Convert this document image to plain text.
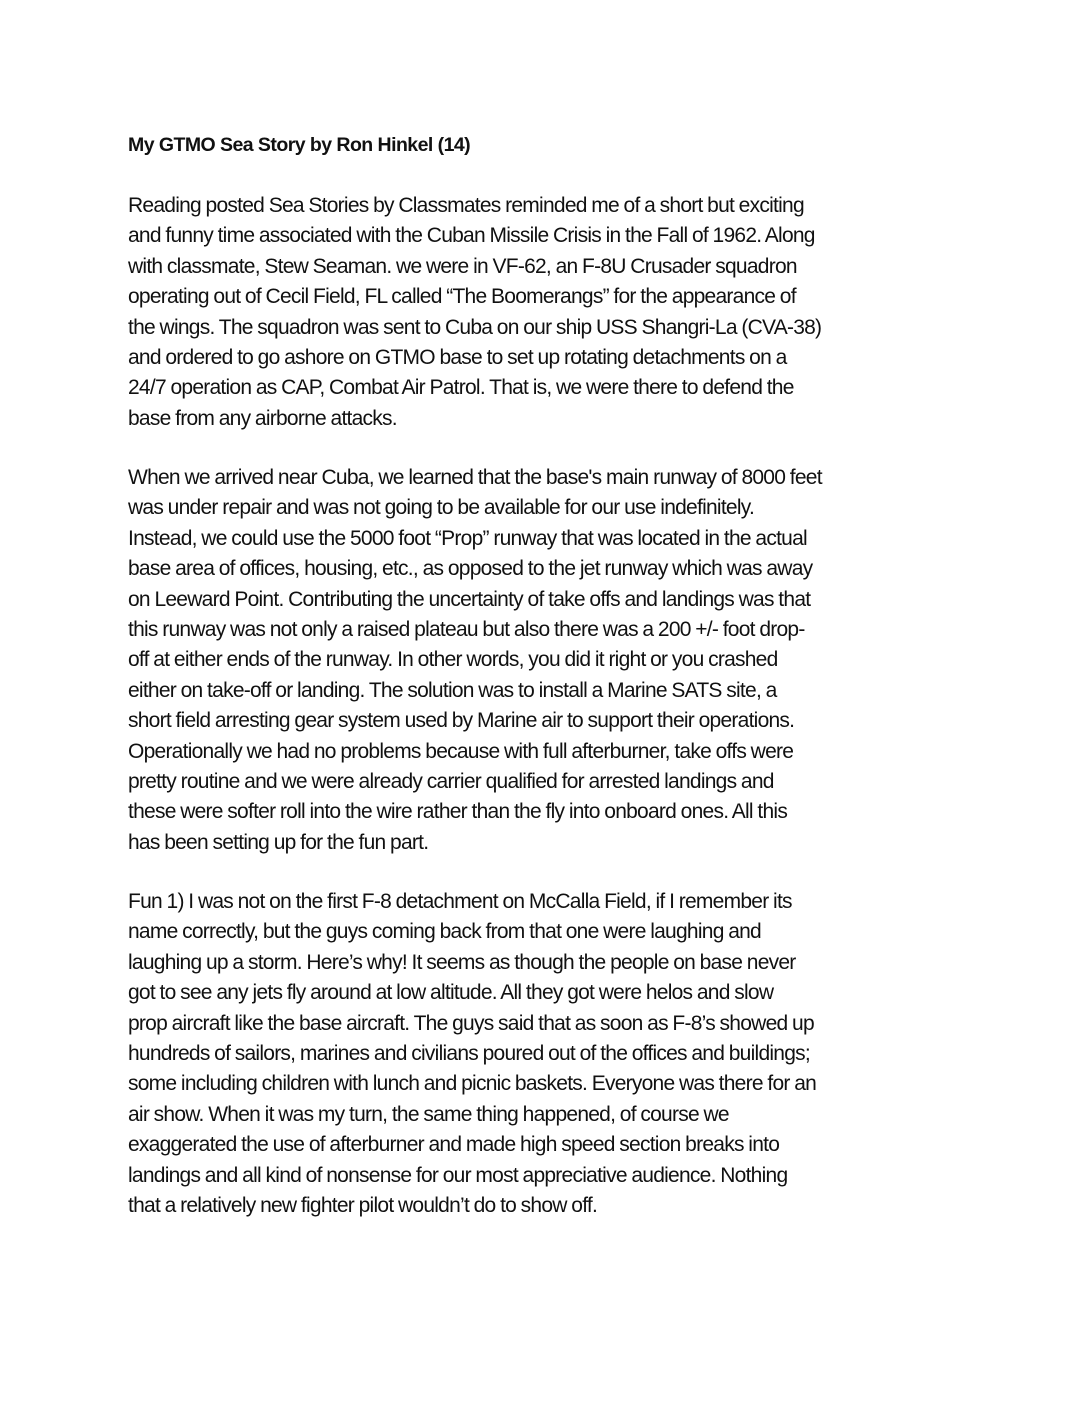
My GTMO Sea Story by Ron Hinkel (14)
Reading posted Sea Stories by Classmates reminded me of a short but exciting
and funny time associated with the Cuban Missile Crisis in the Fall of 1962. Along
with classmate, Stew Seaman. we were in VF-62, an F-8U Crusader squadron
operating out of Cecil Field, FL called “The Boomerangs” for the appearance of
the wings. The squadron was sent to Cuba on our ship USS Shangri-La (CVA-38)
and ordered to go ashore on GTMO base to set up rotating detachments on a
24/7 operation as CAP, Combat Air Patrol. That is, we were there to defend the
base from any airborne attacks.
When we arrived near Cuba, we learned that the base's main runway of 8000 feet
was under repair and was not going to be available for our use indefinitely.
Instead, we could use the 5000 foot “Prop” runway that was located in the actual
base area of offices, housing, etc., as opposed to the jet runway which was away
on Leeward Point. Contributing the uncertainty of take offs and landings was that
this runway was not only a raised plateau but also there was a 200 +/- foot drop-
off at either ends of the runway. In other words, you did it right or you crashed
either on take-off or landing. The solution was to install a Marine SATS site, a
short field arresting gear system used by Marine air to support their operations.
Operationally we had no problems because with full afterburner, take offs were
pretty routine and we were already carrier qualified for arrested landings and
these were softer roll into the wire rather than the fly into onboard ones. All this
has been setting up for the fun part.
Fun 1) I was not on the first F-8 detachment on McCalla Field, if I remember its
name correctly, but the guys coming back from that one were laughing and
laughing up a storm. Here’s why! It seems as though the people on base never
got to see any jets fly around at low altitude. All they got were helos and slow
prop aircraft like the base aircraft. The guys said that as soon as F-8’s showed up
hundreds of sailors, marines and civilians poured out of the offices and buildings;
some including children with lunch and picnic baskets. Everyone was there for an
air show. When it was my turn, the same thing happened, of course we
exaggerated the use of afterburner and made high speed section breaks into
landings and all kind of nonsense for our most appreciative audience. Nothing
that a relatively new fighter pilot wouldn’t do to show off.
